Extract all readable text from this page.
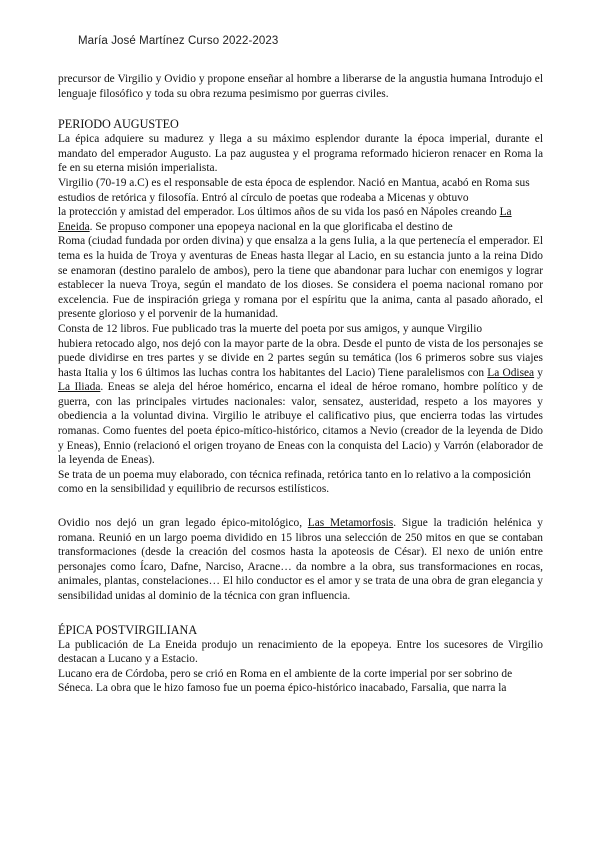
María José Martínez Curso 2022-2023

precursor de Virgilio y Ovidio y propone enseñar al hombre a liberarse de la angustia humana Introdujo el lenguaje filosófico y toda su obra rezuma pesimismo por guerras civiles.

PERIODO AUGUSTEO

La épica adquiere su madurez y llega a su máximo esplendor durante la época imperial, durante el mandato del emperador Augusto. La paz augustea y el programa reformado hicieron renacer en Roma la fe en su eterna misión imperialista.

Virgilio (70-19 a.C) es el responsable de esta época de esplendor. Nació en Mantua, acabó en Roma sus estudios de retórica y filosofía. Entró al círculo de poetas que rodeaba a Micenas y obtuvo

la protección y amistad del emperador. Los últimos años de su vida los pasó en Nápoles creando La Eneida. Se propuso componer una epopeya nacional en la que glorificaba el destino de

Roma (ciudad fundada por orden divina) y que ensalza a la gens Iulia, a la que pertenecía el emperador. El tema es la huida de Troya y aventuras de Eneas hasta llegar al Lacio, en su estancia junto a la reina Dido se enamoran (destino paralelo de ambos), pero la tiene que abandonar para luchar con enemigos y lograr establecer la nueva Troya, según el mandato de los dioses. Se considera el poema nacional romano por excelencia. Fue de inspiración griega y romana por el espíritu que la anima, canta al pasado añorado, el presente glorioso y el porvenir de la humanidad.

Consta de 12 libros. Fue publicado tras la muerte del poeta por sus amigos, y aunque Virgilio

hubiera retocado algo, nos dejó con la mayor parte de la obra. Desde el punto de vista de los personajes se puede dividirse en tres partes y se divide en 2 partes según su temática (los 6 primeros sobre sus viajes hasta Italia y los 6 últimos las luchas contra los habitantes del Lacio) Tiene paralelismos con La Odisea y La Iliada. Eneas se aleja del héroe homérico, encarna el ideal de héroe romano, hombre político y de guerra, con las principales virtudes nacionales: valor, sensatez, austeridad, respeto a los mayores y obediencia a la voluntad divina. Virgilio le atribuye el calificativo pius, que encierra todas las virtudes romanas. Como fuentes del poeta épico-mítico-histórico, citamos a Nevio (creador de la leyenda de Dido y Eneas), Ennio (relacionó el origen troyano de Eneas con la conquista del Lacio) y Varrón (elaborador de la leyenda de Eneas).

Se trata de un poema muy elaborado, con técnica refinada, retórica tanto en lo relativo a la composición como en la sensibilidad y equilibrio de recursos estilísticos.

Ovidio nos dejó un gran legado épico-mitológico, Las Metamorfosis. Sigue la tradición helénica y romana. Reunió en un largo poema dividido en 15 libros una selección de 250 mitos en que se contaban transformaciones (desde la creación del cosmos hasta la apoteosis de César). El nexo de unión entre personajes como Ícaro, Dafne, Narciso, Aracne… da nombre a la obra, sus transformaciones en rocas, animales, plantas, constelaciones… El hilo conductor es el amor y se trata de una obra de gran elegancia y sensibilidad unidas al dominio de la técnica con gran influencia.

ÉPICA POSTVIRGILIANA

La publicación de La Eneida produjo un renacimiento de la epopeya. Entre los sucesores de Virgilio destacan a Lucano y a Estacio.

Lucano era de Córdoba, pero se crió en Roma en el ambiente de la corte imperial por ser sobrino de

Séneca. La obra que le hizo famoso fue un poema épico-histórico inacabado, Farsalia, que narra la
